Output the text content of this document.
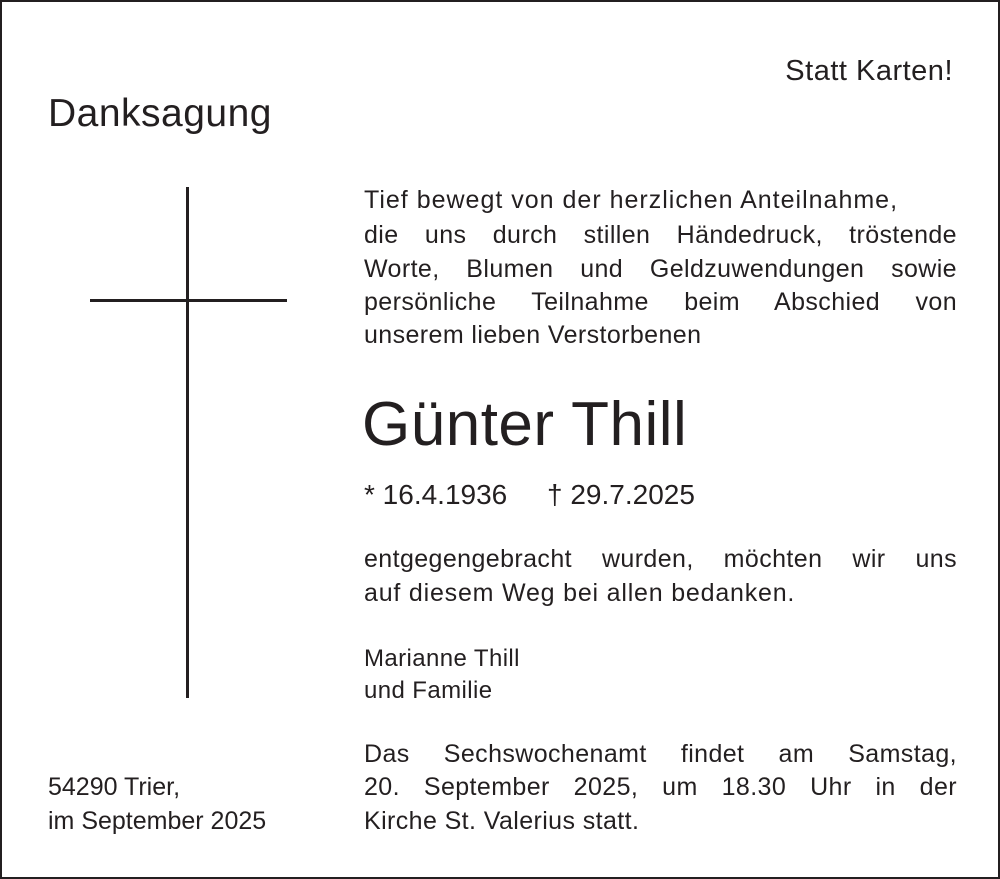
Statt Karten!
Danksagung
Tief bewegt von der herzlichen Anteilnahme,
die uns durch stillen Händedruck, tröstende
Worte, Blumen und Geldzuwendungen sowie
persönliche Teilnahme beim Abschied von
unserem lieben Verstorbenen
Günter Thill
* 16.4.1936 † 29.7.2025
entgegengebracht wurden, möchten wir uns
auf diesem Weg bei allen bedanken.
Marianne Thill
und Familie
Das Sechswochenamt findet am Samstag,
20. September 2025, um 18.30 Uhr in der
Kirche St. Valerius statt.
54290 Trier,
im September 2025
